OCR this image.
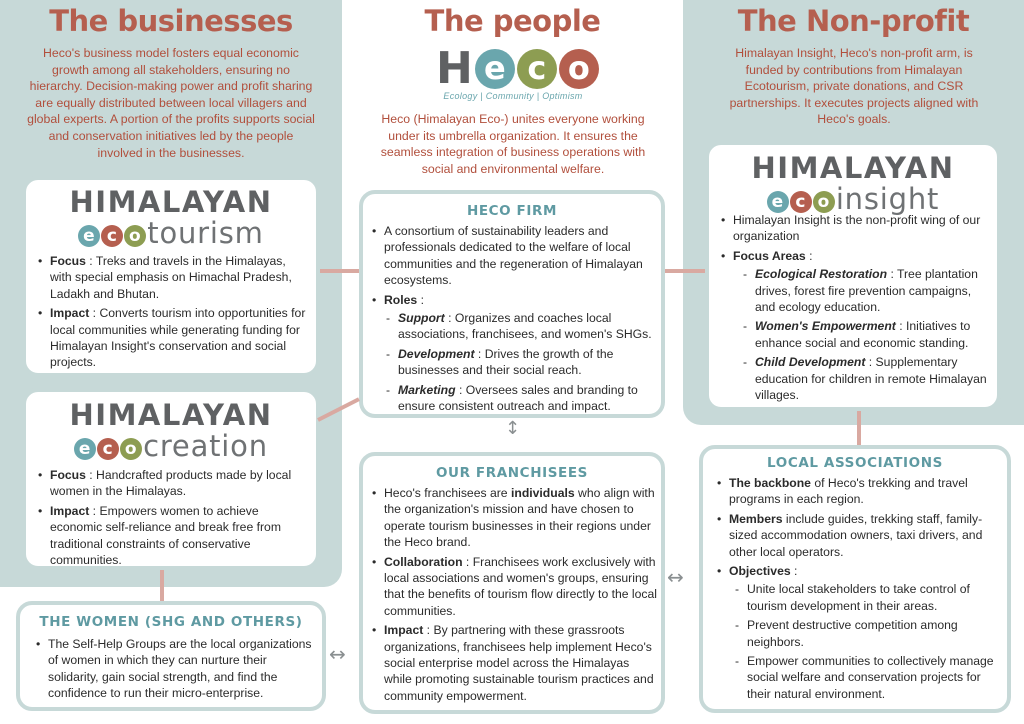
The businesses	The people	The Non-profit
Heco's business model fosters equal economic growth among all stakeholders, ensuring no hierarchy. Decision-making power and profit sharing are equally distributed between local villagers and global experts. A portion of the profits supports social and conservation initiatives led by the people involved in the businesses.
Himalayan Insight, Heco's non-profit arm, is funded by contributions from Himalayan Ecotourism, private donations, and CSR partnerships. It executes projects aligned with Heco's goals.
H e c o
Ecology | Community | Optimism
Heco (Himalayan Eco-) unites everyone working under its umbrella organization. It ensures the seamless integration of business operations with social and environmental welfare.
HIMALAYAN
e c o tourism
• Focus : Treks and travels in the Himalayas, with special emphasis on Himachal Pradesh, Ladakh and Bhutan.
• Impact : Converts tourism into opportunities for local communities while generating funding for Himalayan Insight's conservation and social projects.
HIMALAYAN
e c o creation
• Focus : Handcrafted products made by local women in the Himalayas.
• Impact : Empowers women to achieve economic self-reliance and break free from traditional constraints of conservative communities.
THE WOMEN (SHG AND OTHERS)
• The Self-Help Groups are the local organizations of women in which they can nurture their solidarity, gain social strength, and find the confidence to run their micro-enterprise.
HECO FIRM
• A consortium of sustainability leaders and professionals dedicated to the welfare of local communities and the regeneration of Himalayan ecosystems.
• Roles :
- Support : Organizes and coaches local associations, franchisees, and women's SHGs.
- Development : Drives the growth of the businesses and their social reach.
- Marketing : Oversees sales and branding to ensure consistent outreach and impact.
OUR FRANCHISEES
• Heco's franchisees are individuals who align with the organization's mission and have chosen to operate tourism businesses in their regions under the Heco brand.
• Collaboration : Franchisees work exclusively with local associations and women's groups, ensuring that the benefits of tourism flow directly to the local communities.
• Impact : By partnering with these grassroots organizations, franchisees help implement Heco's social enterprise model across the Himalayas while promoting sustainable tourism practices and community empowerment.
HIMALAYAN
e c o insight
• Himalayan Insight is the non-profit wing of our organization
• Focus Areas :
- Ecological Restoration : Tree plantation drives, forest fire prevention campaigns, and ecology education.
- Women's Empowerment : Initiatives to enhance social and economic standing.
- Child Development : Supplementary education for children in remote Himalayan villages.
LOCAL ASSOCIATIONS
• The backbone of Heco's trekking and travel programs in each region.
• Members include guides, trekking staff, family-sized accommodation owners, taxi drivers, and other local operators.
• Objectives :
- Unite local stakeholders to take control of tourism development in their areas.
- Prevent destructive competition among neighbors.
- Empower communities to collectively manage social welfare and conservation projects for their natural environment.
↕
↔
↔
